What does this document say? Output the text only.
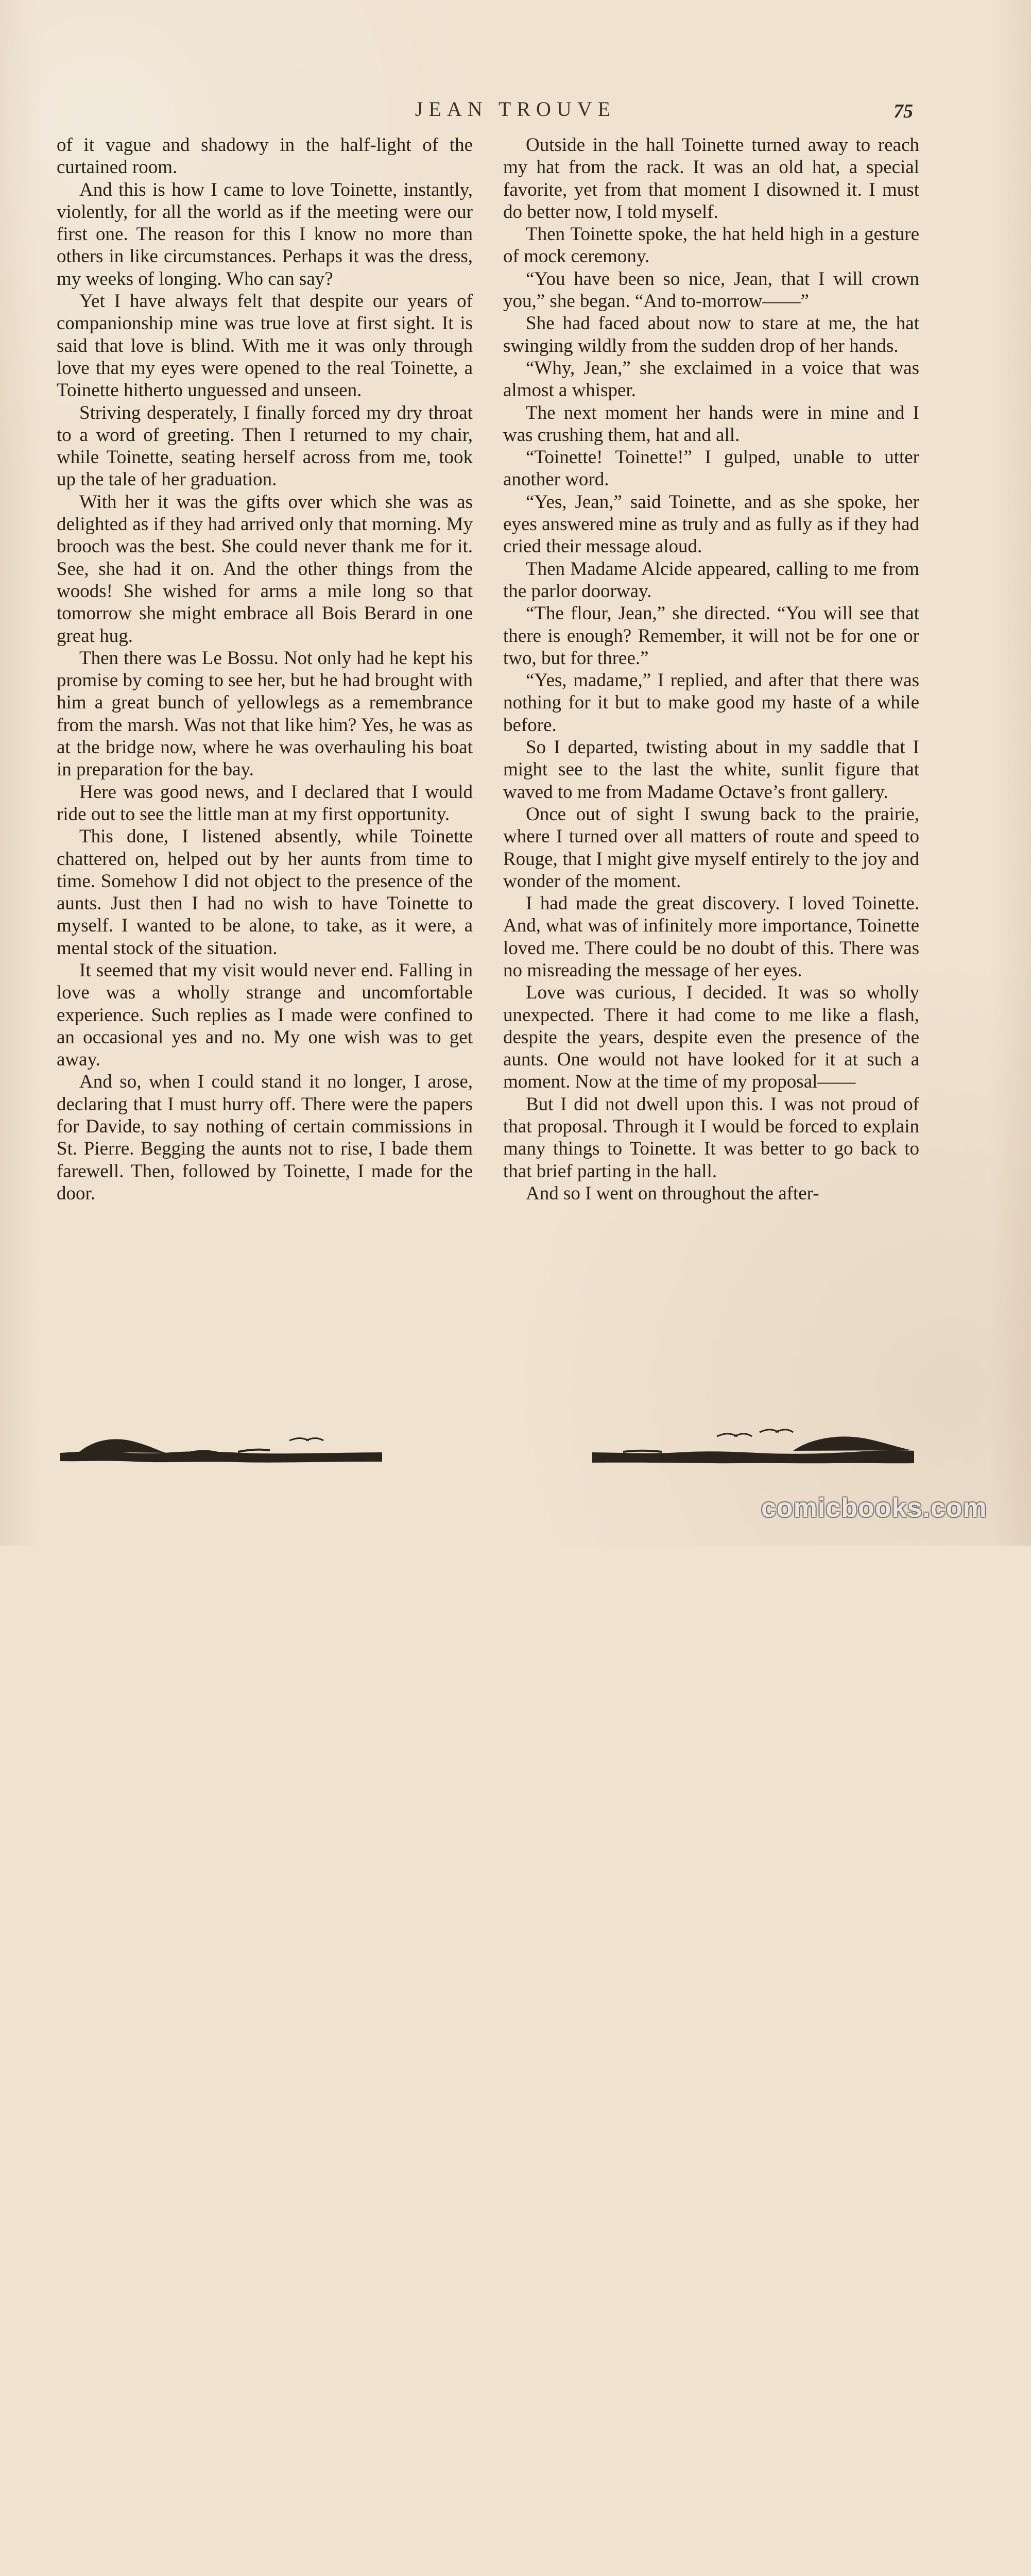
JEAN TROUVE	75

of it vague and shadowy in the half-light of the curtained room.

And this is how I came to love Toinette, instantly, violently, for all the world as if the meeting were our first one. The reason for this I know no more than others in like circumstances. Perhaps it was the dress, my weeks of longing. Who can say?

Yet I have always felt that despite our years of companionship mine was true love at first sight. It is said that love is blind. With me it was only through love that my eyes were opened to the real Toinette, a Toinette hitherto unguessed and unseen.

Striving desperately, I finally forced my dry throat to a word of greeting. Then I returned to my chair, while Toinette, seating herself across from me, took up the tale of her graduation.

With her it was the gifts over which she was as delighted as if they had arrived only that morning. My brooch was the best. She could never thank me for it. See, she had it on. And the other things from the woods! She wished for arms a mile long so that tomorrow she might embrace all Bois Berard in one great hug.

Then there was Le Bossu. Not only had he kept his promise by coming to see her, but he had brought with him a great bunch of yellowlegs as a remembrance from the marsh. Was not that like him? Yes, he was as at the bridge now, where he was overhauling his boat in preparation for the bay.

Here was good news, and I declared that I would ride out to see the little man at my first opportunity.

This done, I listened absently, while Toinette chattered on, helped out by her aunts from time to time. Somehow I did not object to the presence of the aunts. Just then I had no wish to have Toinette to myself. I wanted to be alone, to take, as it were, a mental stock of the situation.

It seemed that my visit would never end. Falling in love was a wholly strange and uncomfortable experience. Such replies as I made were confined to an occasional yes and no. My one wish was to get away.

And so, when I could stand it no longer, I arose, declaring that I must hurry off. There were the papers for Davide, to say nothing of certain commissions in St. Pierre. Begging the aunts not to rise, I bade them farewell. Then, followed by Toinette, I made for the door.

Outside in the hall Toinette turned away to reach my hat from the rack. It was an old hat, a special favorite, yet from that moment I disowned it. I must do better now, I told myself.

Then Toinette spoke, the hat held high in a gesture of mock ceremony.

“You have been so nice, Jean, that I will crown you,” she began. “And to-morrow——”

She had faced about now to stare at me, the hat swinging wildly from the sudden drop of her hands.

“Why, Jean,” she exclaimed in a voice that was almost a whisper.

The next moment her hands were in mine and I was crushing them, hat and all.

“Toinette! Toinette!” I gulped, unable to utter another word.

“Yes, Jean,” said Toinette, and as she spoke, her eyes answered mine as truly and as fully as if they had cried their message aloud.

Then Madame Alcide appeared, calling to me from the parlor doorway.

“The flour, Jean,” she directed. “You will see that there is enough? Remember, it will not be for one or two, but for three.”

“Yes, madame,” I replied, and after that there was nothing for it but to make good my haste of a while before.

So I departed, twisting about in my saddle that I might see to the last the white, sunlit figure that waved to me from Madame Octave’s front gallery.

Once out of sight I swung back to the prairie, where I turned over all matters of route and speed to Rouge, that I might give myself entirely to the joy and wonder of the moment.

I had made the great discovery. I loved Toinette. And, what was of infinitely more importance, Toinette loved me. There could be no doubt of this. There was no misreading the message of her eyes.

Love was curious, I decided. It was so wholly unexpected. There it had come to me like a flash, despite the years, despite even the presence of the aunts. One would not have looked for it at such a moment. Now at the time of my proposal——

But I did not dwell upon this. I was not proud of that proposal. Through it I would be forced to explain many things to Toinette. It was better to go back to that brief parting in the hall.

And so I went on throughout the after-

comicbooks.com
